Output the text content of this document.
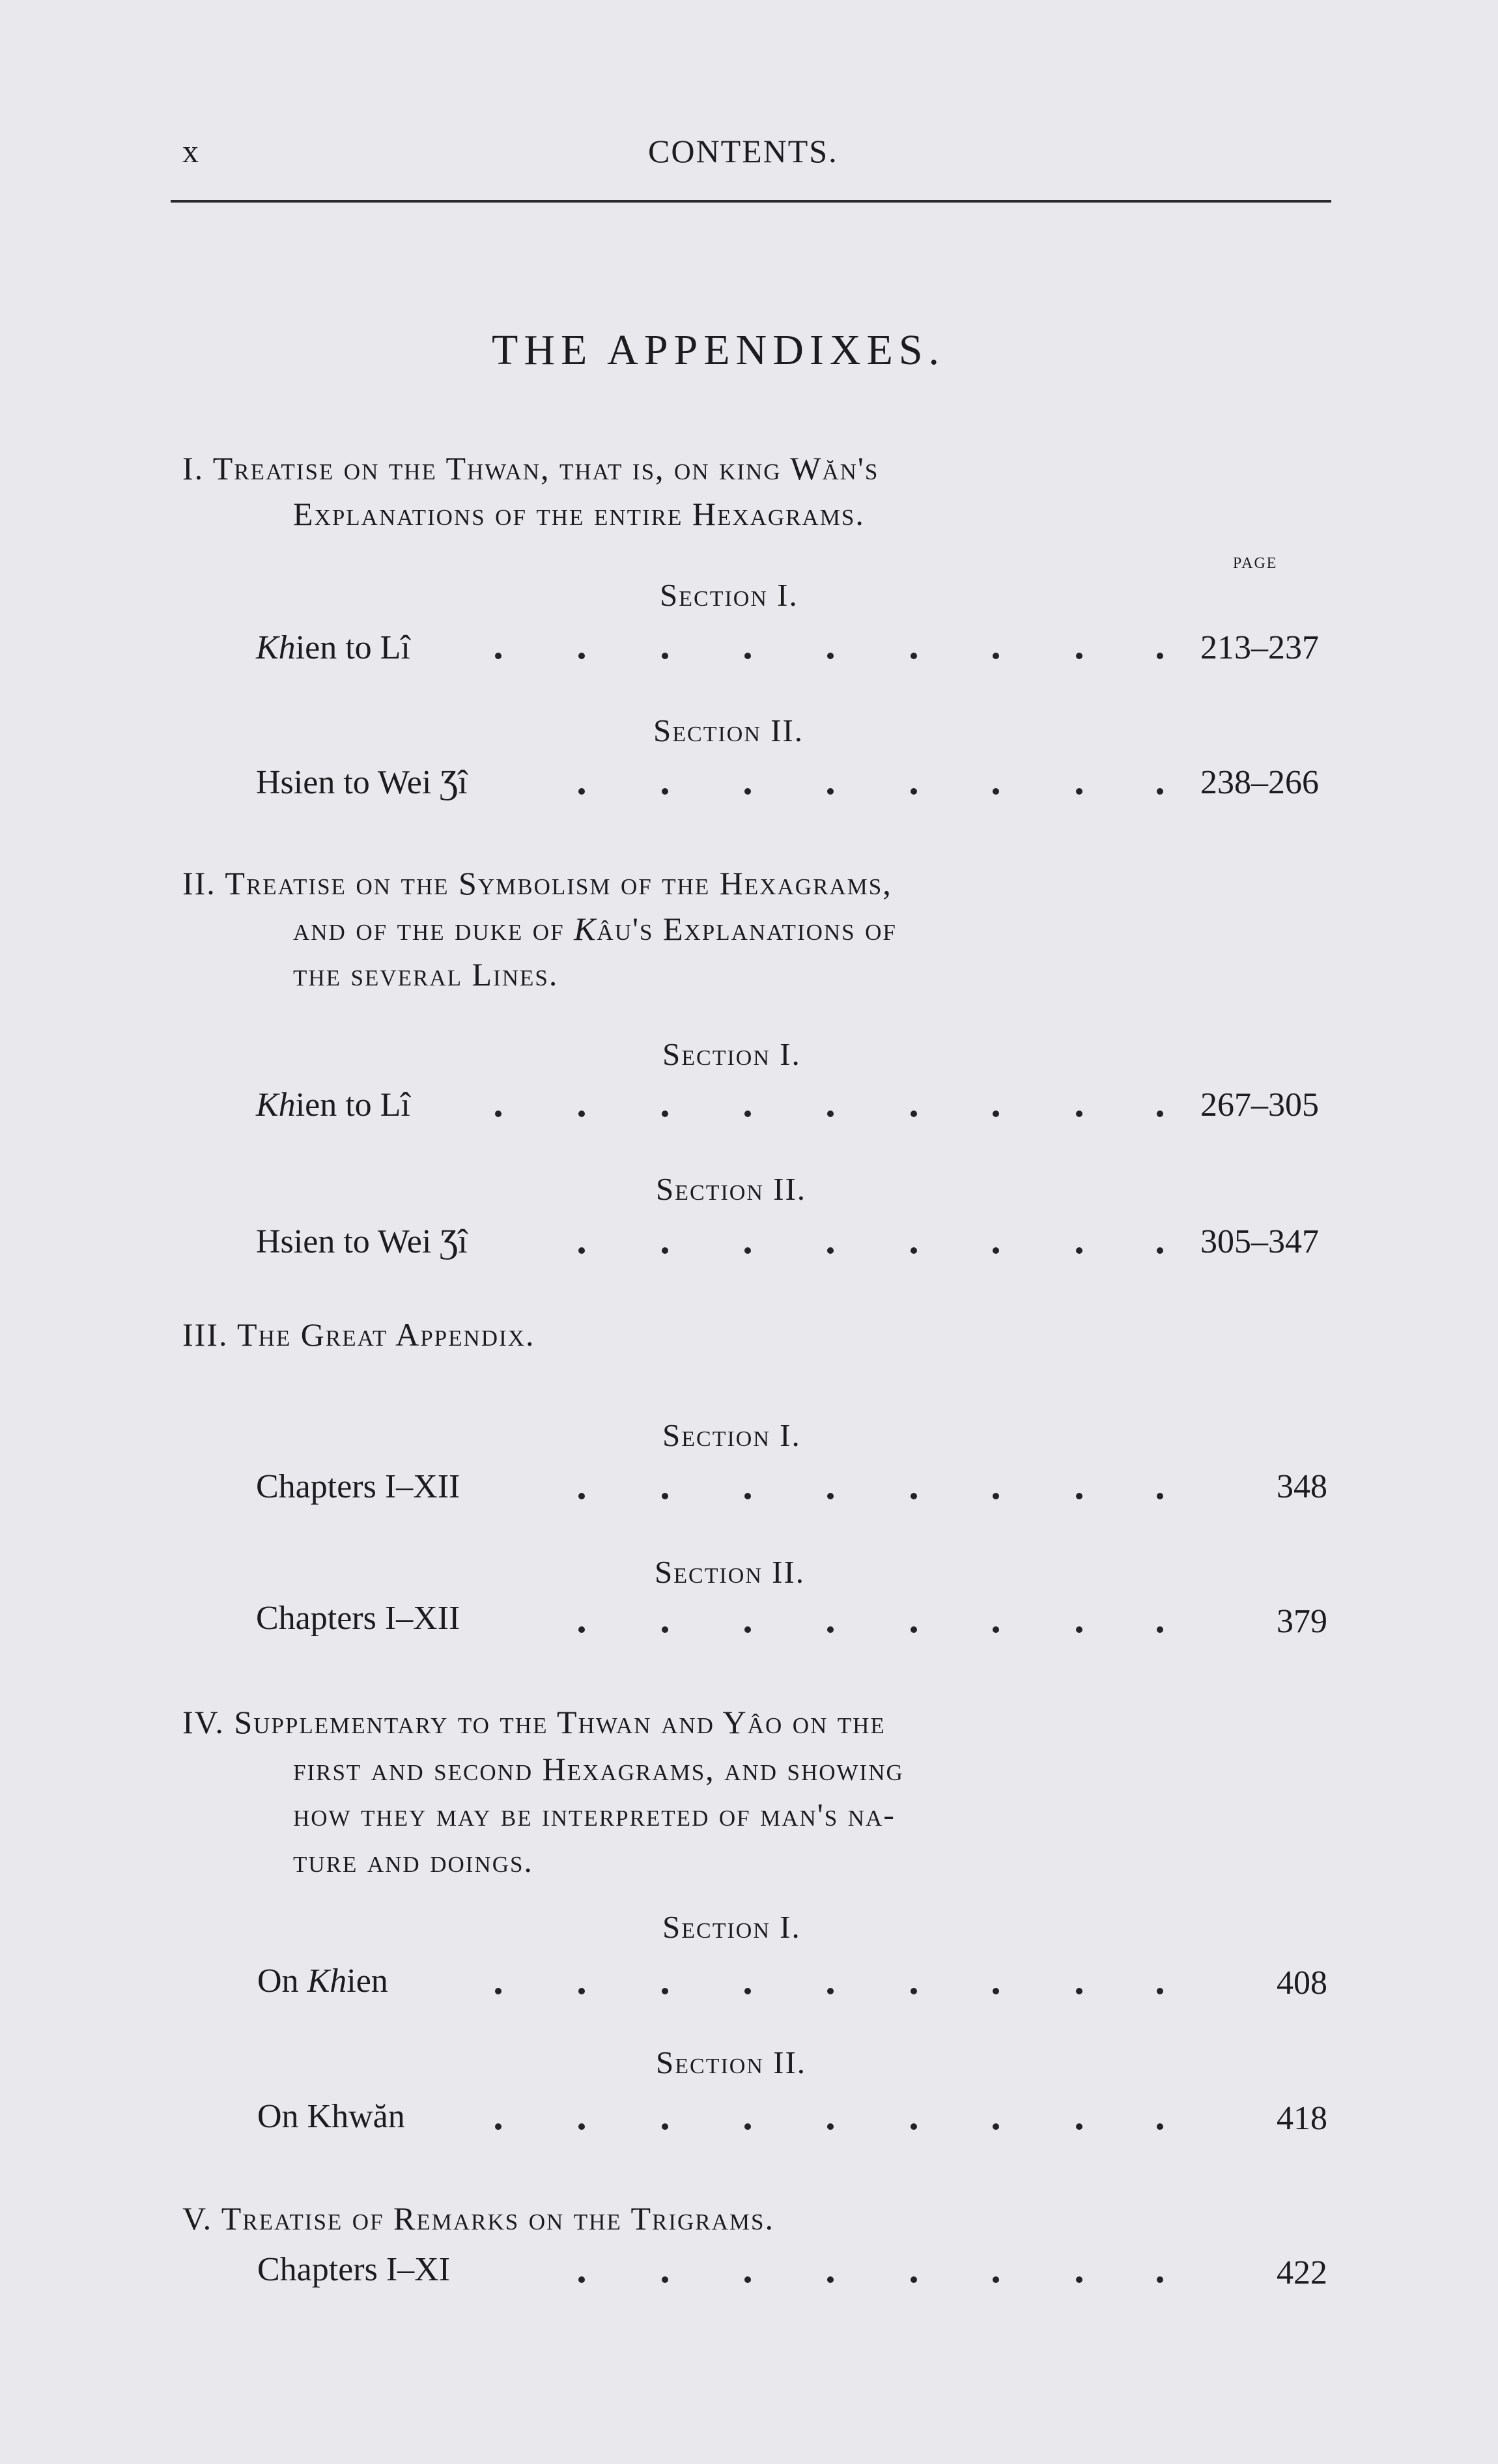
x	CONTENTS.
THE APPENDIXES.
I. Treatise on the Thwan, that is, on king Wăn's
Explanations of the entire Hexagrams.
PAGE
Section I.
Khien to Lî	213–237
Section II.
Hsien to Wei Ʒî	238–266
II. Treatise on the Symbolism of the Hexagrams,
and of the duke of Kâu's Explanations of
the several Lines.
Section I.
Khien to Lî	267–305
Section II.
Hsien to Wei Ʒî	305–347
III. The Great Appendix.
Section I.
Chapters I–XII	348
Section II.
Chapters I–XII	379
IV. Supplementary to the Thwan and Yâo on the
first and second Hexagrams, and showing
how they may be interpreted of man's na-
ture and doings.
Section I.
On Khien	408
Section II.
On Khwăn	418
V. Treatise of Remarks on the Trigrams.
Chapters I–XI	422
